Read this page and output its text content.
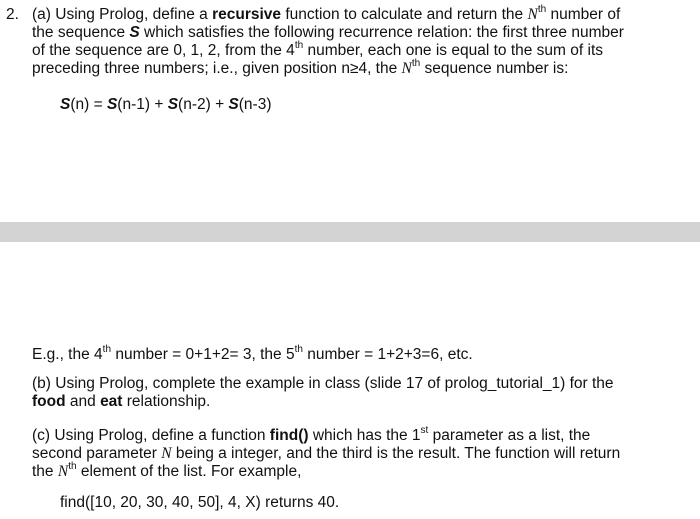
2. (a) Using Prolog, define a recursive function to calculate and return the $N^{th}$ number of
the sequence S which satisfies the following recurrence relation: the first three number
of the sequence are 0, 1, 2, from the 4th number, each one is equal to the sum of its
preceding three numbers; i.e., given position n≥4, the $N^{th}$ sequence number is:
S(n) = S(n-1) + S(n-2) + S(n-3)
E.g., the 4th number = 0+1+2= 3, the 5th number = 1+2+3=6, etc.
(b) Using Prolog, complete the example in class (slide 17 of prolog_tutorial_1) for the
food and eat relationship.
(c) Using Prolog, define a function find() which has the 1st parameter as a list, the
second parameter N being a integer, and the third is the result. The function will return
the $N^{th}$ element of the list. For example,
find([10, 20, 30, 40, 50], 4, X) returns 40.
